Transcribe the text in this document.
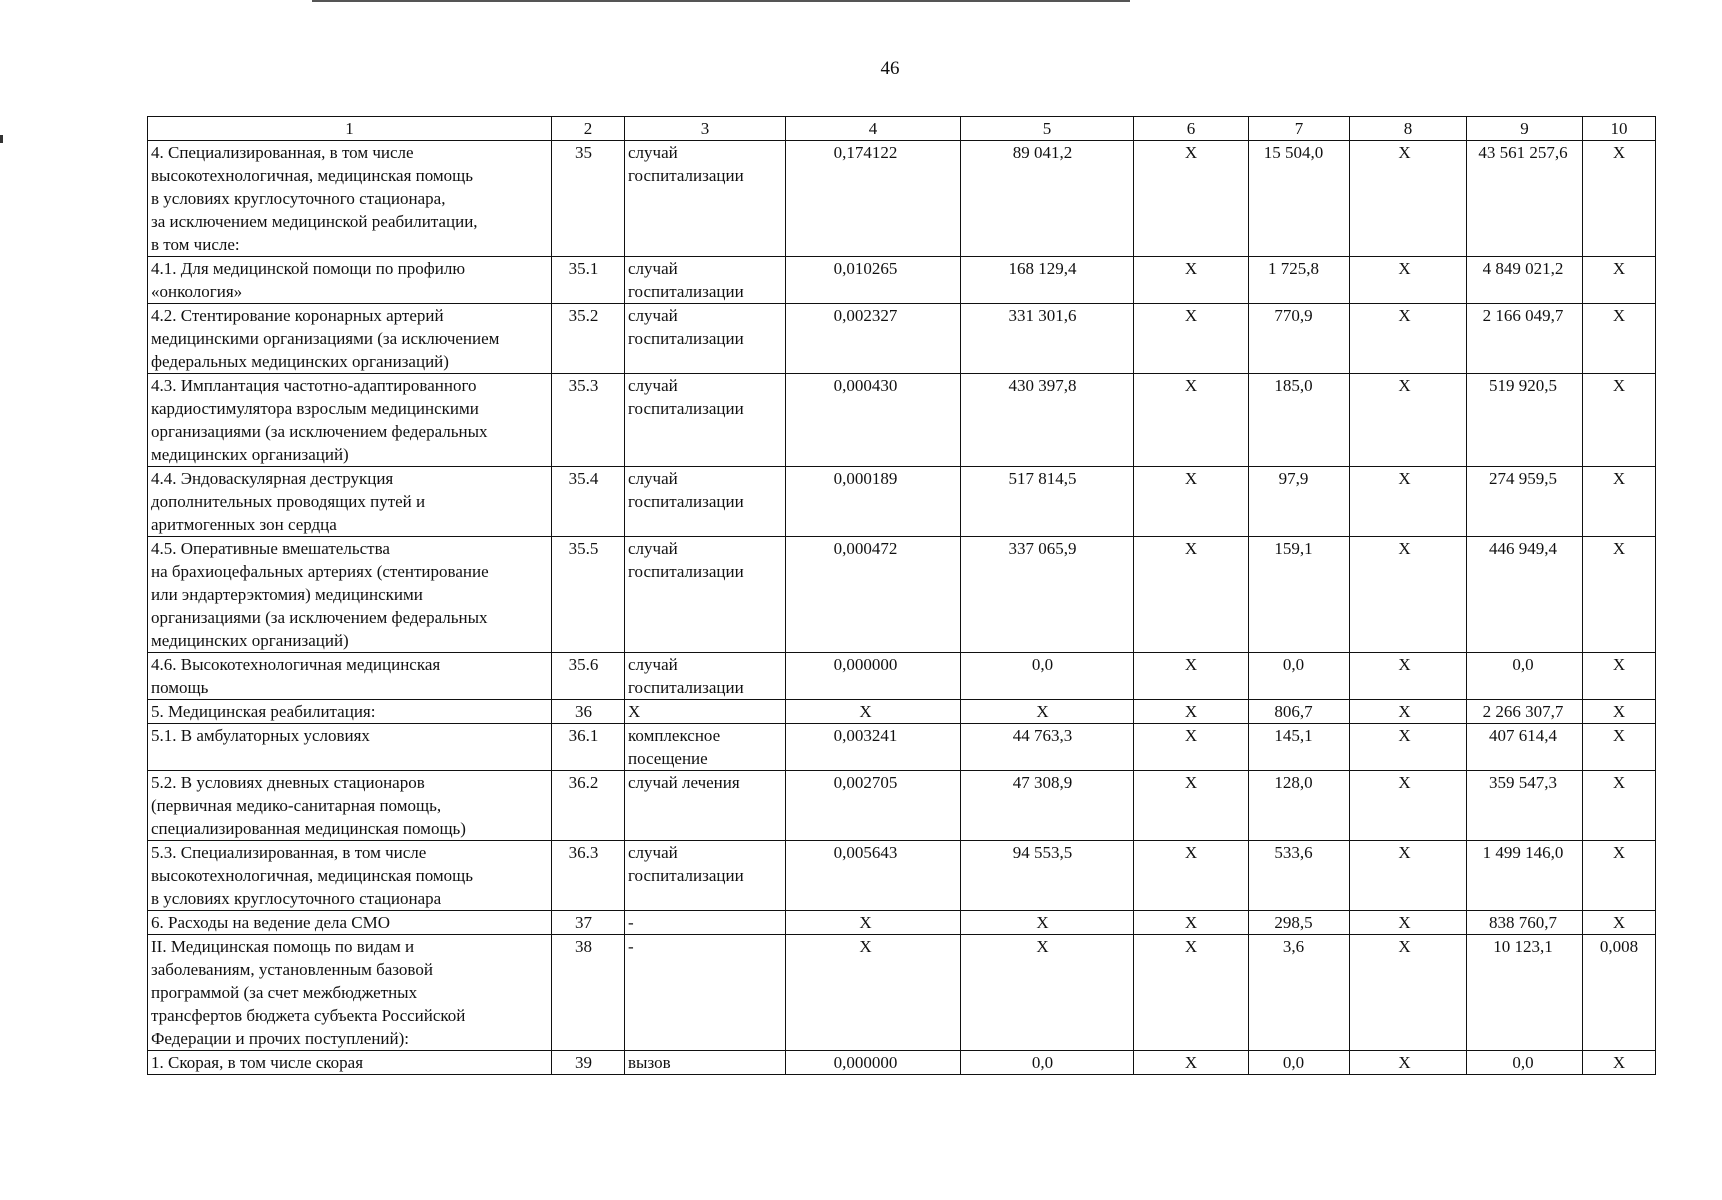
46
1	2	3	4	5	6	7	8	9	10
4. Специализированная, в том числе
высокотехнологичная, медицинская помощь
в условиях круглосуточного стационара,
за исключением медицинской реабилитации,
в том числе:	35	случай
госпитализации	0,174122	89 041,2	Х	15 504,0	Х	43 561 257,6	Х
4.1. Для медицинской помощи по профилю
«онкология»	35.1	случай
госпитализации	0,010265	168 129,4	Х	1 725,8	Х	4 849 021,2	Х
4.2. Стентирование коронарных артерий
медицинскими организациями (за исключением
федеральных медицинских организаций)	35.2	случай
госпитализации	0,002327	331 301,6	Х	770,9	Х	2 166 049,7	Х
4.3. Имплантация частотно-адаптированного
кардиостимулятора взрослым медицинскими
организациями (за исключением федеральных
медицинских организаций)	35.3	случай
госпитализации	0,000430	430 397,8	Х	185,0	Х	519 920,5	Х
4.4. Эндоваскулярная деструкция
дополнительных проводящих путей и
аритмогенных зон сердца	35.4	случай
госпитализации	0,000189	517 814,5	Х	97,9	Х	274 959,5	Х
4.5. Оперативные вмешательства
на брахиоцефальных артериях (стентирование
или эндартерэктомия) медицинскими
организациями (за исключением федеральных
медицинских организаций)	35.5	случай
госпитализации	0,000472	337 065,9	Х	159,1	Х	446 949,4	Х
4.6. Высокотехнологичная медицинская
помощь	35.6	случай
госпитализации	0,000000	0,0	Х	0,0	Х	0,0	Х
5. Медицинская реабилитация:	36	Х	Х	Х	Х	806,7	Х	2 266 307,7	Х
5.1. В амбулаторных условиях	36.1	комплексное
посещение	0,003241	44 763,3	Х	145,1	Х	407 614,4	Х
5.2. В условиях дневных стационаров
(первичная медико-санитарная помощь,
специализированная медицинская помощь)	36.2	случай лечения	0,002705	47 308,9	Х	128,0	Х	359 547,3	Х
5.3. Специализированная, в том числе
высокотехнологичная, медицинская помощь
в условиях круглосуточного стационара	36.3	случай
госпитализации	0,005643	94 553,5	Х	533,6	Х	1 499 146,0	Х
6. Расходы на ведение дела СМО	37	-	Х	Х	Х	298,5	Х	838 760,7	Х
II. Медицинская помощь по видам и
заболеваниям, установленным базовой
программой (за счет межбюджетных
трансфертов бюджета субъекта Российской
Федерации и прочих поступлений):	38	-	Х	Х	Х	3,6	Х	10 123,1	0,008
1. Скорая, в том числе скорая	39	вызов	0,000000	0,0	Х	0,0	Х	0,0	Х
